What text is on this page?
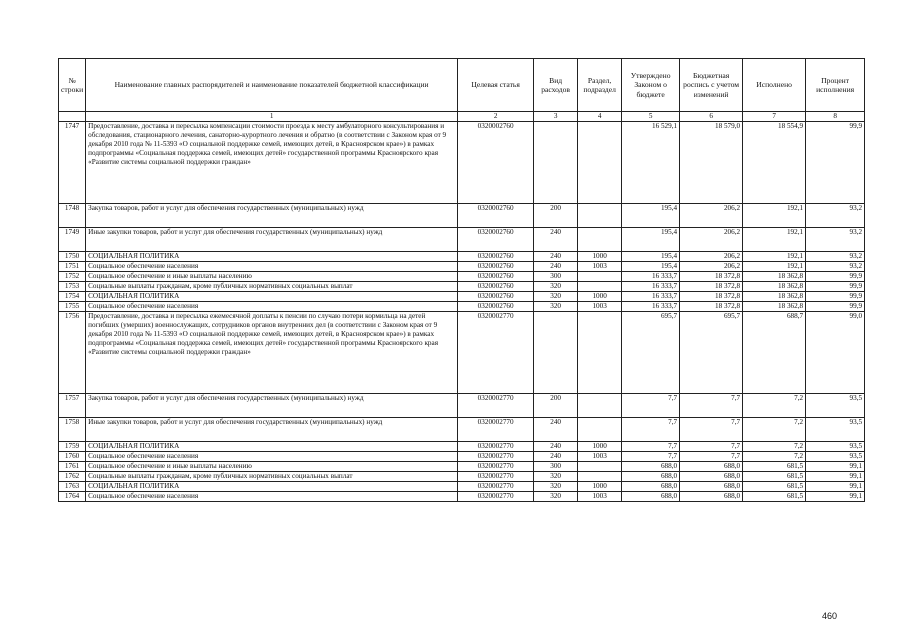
№ строки	Наименование главных распорядителей и наименование показателей бюджетной классификации	Целевая статья	Вид расходов	Раздел, подраздел	Утверждено Законом о бюджете	Бюджетная роспись с учетом изменений	Исполнено	Процент исполнения
	1	2	3	4	5	6	7	8
1747	Предоставление, доставка и пересылка компенсации стоимости проезда к месту амбулаторного консультирования и обследования, стационарного лечения, санаторно-курортного лечения и обратно (в соответствии с Законом края от 9 декабря 2010 года № 11-5393 «О социальной поддержке семей, имеющих детей, в Красноярском крае») в рамках подпрограммы «Социальная поддержка семей, имеющих детей» государственной программы Красноярского края «Развитие системы социальной поддержки граждан»	0320002760			16 529,1	18 579,0	18 554,9	99,9
1748	Закупка товаров, работ и услуг для обеспечения государственных (муниципальных) нужд	0320002760	200		195,4	206,2	192,1	93,2
1749	Иные закупки товаров, работ и услуг для обеспечения государственных (муниципальных) нужд	0320002760	240		195,4	206,2	192,1	93,2
1750	СОЦИАЛЬНАЯ ПОЛИТИКА	0320002760	240	1000	195,4	206,2	192,1	93,2
1751	Социальное обеспечение населения	0320002760	240	1003	195,4	206,2	192,1	93,2
1752	Социальное обеспечение и иные выплаты населению	0320002760	300		16 333,7	18 372,8	18 362,8	99,9
1753	Социальные выплаты гражданам, кроме публичных нормативных социальных выплат	0320002760	320		16 333,7	18 372,8	18 362,8	99,9
1754	СОЦИАЛЬНАЯ ПОЛИТИКА	0320002760	320	1000	16 333,7	18 372,8	18 362,8	99,9
1755	Социальное обеспечение населения	0320002760	320	1003	16 333,7	18 372,8	18 362,8	99,9
1756	Предоставление, доставка и пересылка ежемесячной доплаты к пенсии по случаю потери кормильца на детей погибших (умерших) военнослужащих, сотрудников органов внутренних дел (в соответствии с Законом края от 9 декабря 2010 года № 11-5393 «О социальной поддержке семей, имеющих детей, в Красноярском крае») в рамках подпрограммы «Социальная поддержка семей, имеющих детей» государственной программы Красноярского края «Развитие системы социальной поддержки граждан»	0320002770			695,7	695,7	688,7	99,0
1757	Закупка товаров, работ и услуг для обеспечения государственных (муниципальных) нужд	0320002770	200		7,7	7,7	7,2	93,5
1758	Иные закупки товаров, работ и услуг для обеспечения государственных (муниципальных) нужд	0320002770	240		7,7	7,7	7,2	93,5
1759	СОЦИАЛЬНАЯ ПОЛИТИКА	0320002770	240	1000	7,7	7,7	7,2	93,5
1760	Социальное обеспечение населения	0320002770	240	1003	7,7	7,7	7,2	93,5
1761	Социальное обеспечение и иные выплаты населению	0320002770	300		688,0	688,0	681,5	99,1
1762	Социальные выплаты гражданам, кроме публичных нормативных социальных выплат	0320002770	320		688,0	688,0	681,5	99,1
1763	СОЦИАЛЬНАЯ ПОЛИТИКА	0320002770	320	1000	688,0	688,0	681,5	99,1
1764	Социальное обеспечение населения	0320002770	320	1003	688,0	688,0	681,5	99,1
460
